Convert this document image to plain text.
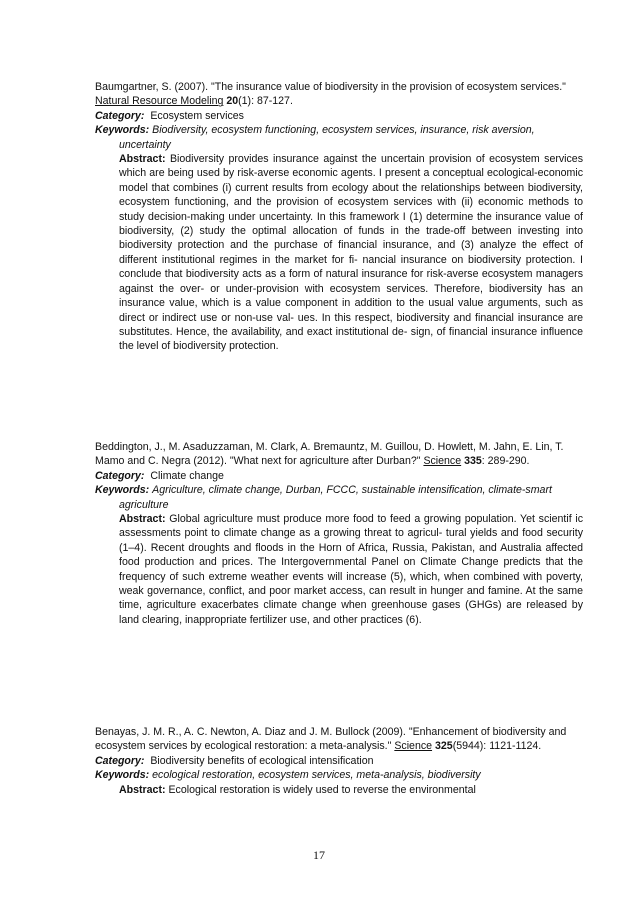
Baumgartner, S. (2007). "The insurance value of biodiversity in the provision of ecosystem services." Natural Resource Modeling 20(1): 87-127.

Category: Ecosystem services

Keywords: Biodiversity, ecosystem functioning, ecosystem services, insurance, risk aversion, uncertainty

Abstract: Biodiversity provides insurance against the uncertain provision of ecosystem services which are being used by risk-averse economic agents. I present a conceptual ecological-economic model that combines (i) current results from ecology about the relationships between biodiversity, ecosystem functioning, and the provision of ecosystem services with (ii) economic methods to study decision-making under uncertainty. In this framework I (1) determine the insurance value of biodiversity, (2) study the optimal allocation of funds in the trade-off between investing into biodiversity protection and the purchase of financial insurance, and (3) analyze the effect of different institutional regimes in the market for fi- nancial insurance on biodiversity protection. I conclude that biodiversity acts as a form of natural insurance for risk-averse ecosystem managers against the over- or under-provision with ecosystem services. Therefore, biodiversity has an insurance value, which is a value component in addition to the usual value arguments, such as direct or indirect use or non-use val- ues. In this respect, biodiversity and financial insurance are substitutes. Hence, the availability, and exact institutional de- sign, of financial insurance influence the level of biodiversity protection.

Beddington, J., M. Asaduzzaman, M. Clark, A. Bremauntz, M. Guillou, D. Howlett, M. Jahn, E. Lin, T. Mamo and C. Negra (2012). "What next for agriculture after Durban?" Science 335: 289-290.

Category: Climate change

Keywords: Agriculture, climate change, Durban, FCCC, sustainable intensification, climate-smart agriculture

Abstract: Global agriculture must produce more food to feed a growing population. Yet scientif ic assessments point to climate change as a growing threat to agricul- tural yields and food security (1–4). Recent droughts and floods in the Horn of Africa, Russia, Pakistan, and Australia affected food production and prices. The Intergovernmental Panel on Climate Change predicts that the frequency of such extreme weather events will increase (5), which, when combined with poverty, weak governance, conflict, and poor market access, can result in hunger and famine. At the same time, agriculture exacerbates climate change when greenhouse gases (GHGs) are released by land clearing, inappropriate fertilizer use, and other practices (6).

Benayas, J. M. R., A. C. Newton, A. Diaz and J. M. Bullock (2009). "Enhancement of biodiversity and ecosystem services by ecological restoration: a meta-analysis." Science 325(5944): 1121-1124.

Category: Biodiversity benefits of ecological intensification

Keywords: ecological restoration, ecosystem services, meta-analysis, biodiversity

Abstract: Ecological restoration is widely used to reverse the environmental

17
